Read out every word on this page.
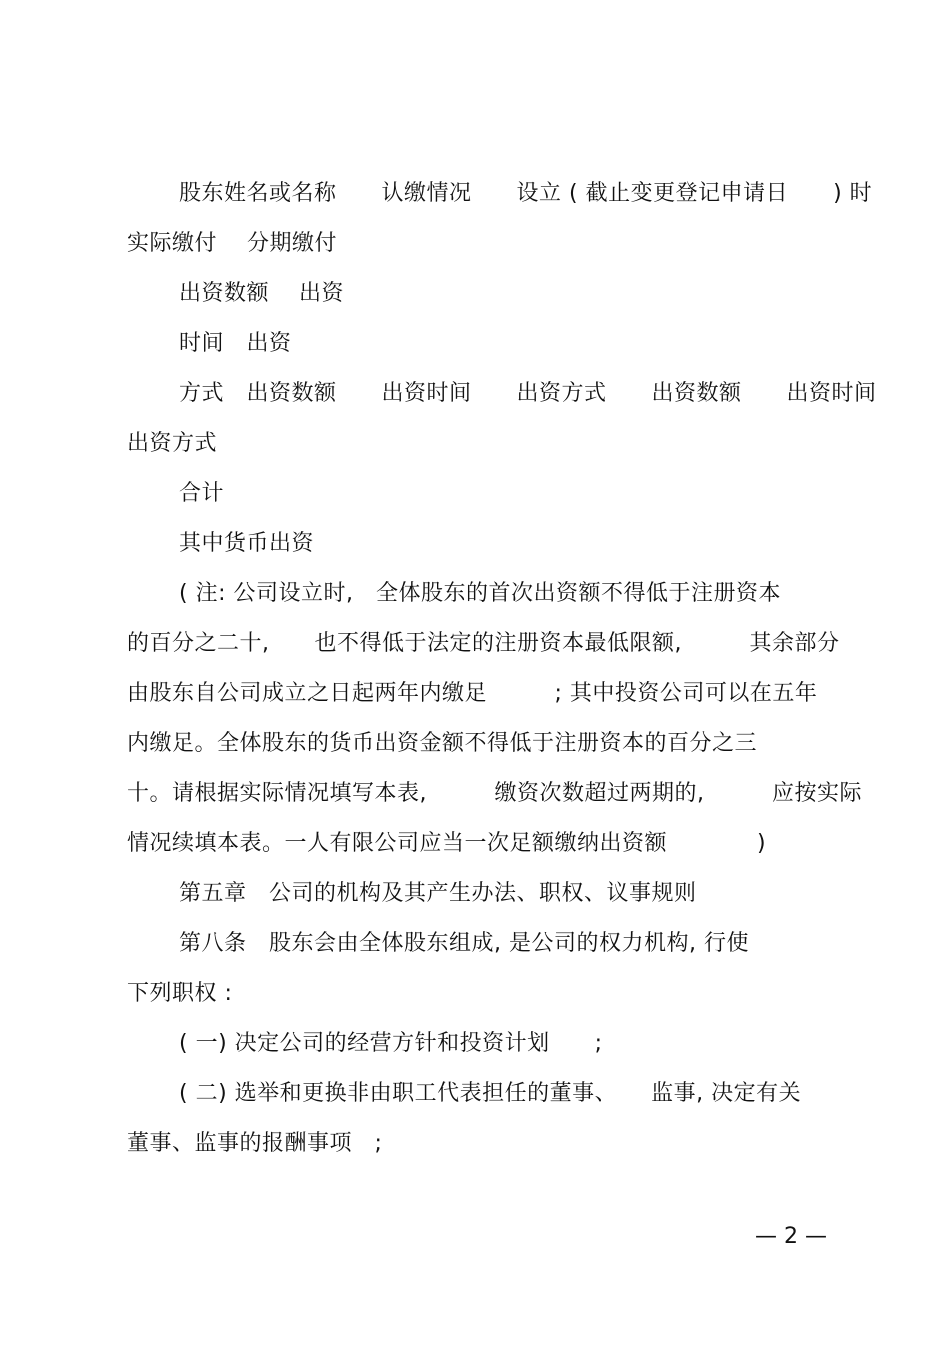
股东姓名或名称　　认缴情况　　设立 ( 截止变更登记申请日　　) 时
实际缴付　 分期缴付
出资数额　 出资
时间　出资
方式　出资数额　　出资时间　　出资方式　　出资数额　　出资时间
出资方式
合计
其中货币出资
( 注: 公司设立时,　全体股东的首次出资额不得低于注册资本
的百分之二十,　　也不得低于法定的注册资本最低限额,　　　其余部分
由股东自公司成立之日起两年内缴足　　　; 其中投资公司可以在五年
内缴足。全体股东的货币出资金额不得低于注册资本的百分之三
十。请根据实际情况填写本表,　　　缴资次数超过两期的,　　　应按实际
情况续填本表。一人有限公司应当一次足额缴纳出资额　　　　)
第五章　公司的机构及其产生办法、职权、议事规则
第八条　股东会由全体股东组成, 是公司的权力机构, 行使
下列职权 :
( 一) 决定公司的经营方针和投资计划　　;
( 二) 选举和更换非由职工代表担任的董事、　　监事, 决定有关
董事、监事的报酬事项　;
— 2 —
